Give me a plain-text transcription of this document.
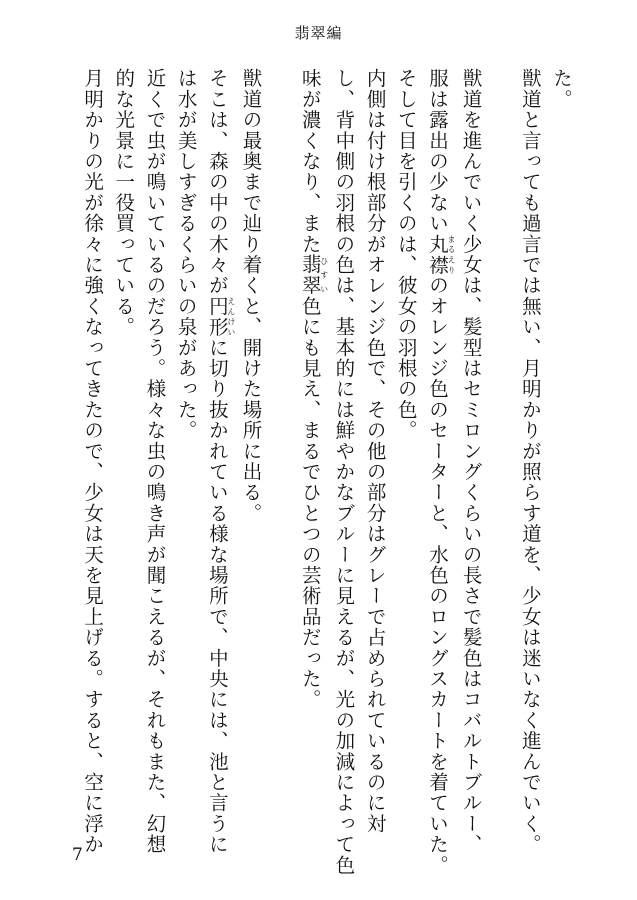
翡翠編
た。
獣道と言っても過言では無い、月明かりが照らす道を、少女は迷いなく進んでいく。
獣道を進んでいく少女は、髪型はセミロングくらいの長さで髪色はコバルトブルー、
服は露出の少ない丸襟まるえりのオレンジ色のセーターと、水色のロングスカートを着ていた。
そして目を引くのは、彼女の羽根の色。
内側は付け根部分がオレンジ色で、その他の部分はグレーで占められているのに対
し、背中側の羽根の色は、基本的には鮮やかなブルーに見えるが、光の加減によって色
味が濃くなり、また翡翠ひすい色にも見え、まるでひとつの芸術品だった。
獣道の最奥まで辿り着くと、開けた場所に出る。
そこは、森の中の木々が円形えんけいに切り抜かれている様な場所で、中央には、池と言うに
は水が美しすぎるくらいの泉があった。
近くで虫が鳴いているのだろう。様々な虫の鳴き声が聞こえるが、それもまた、幻想
的な光景に一役買っている。
月明かりの光が徐々に強くなってきたので、少女は天を見上げる。すると、空に浮か
7
